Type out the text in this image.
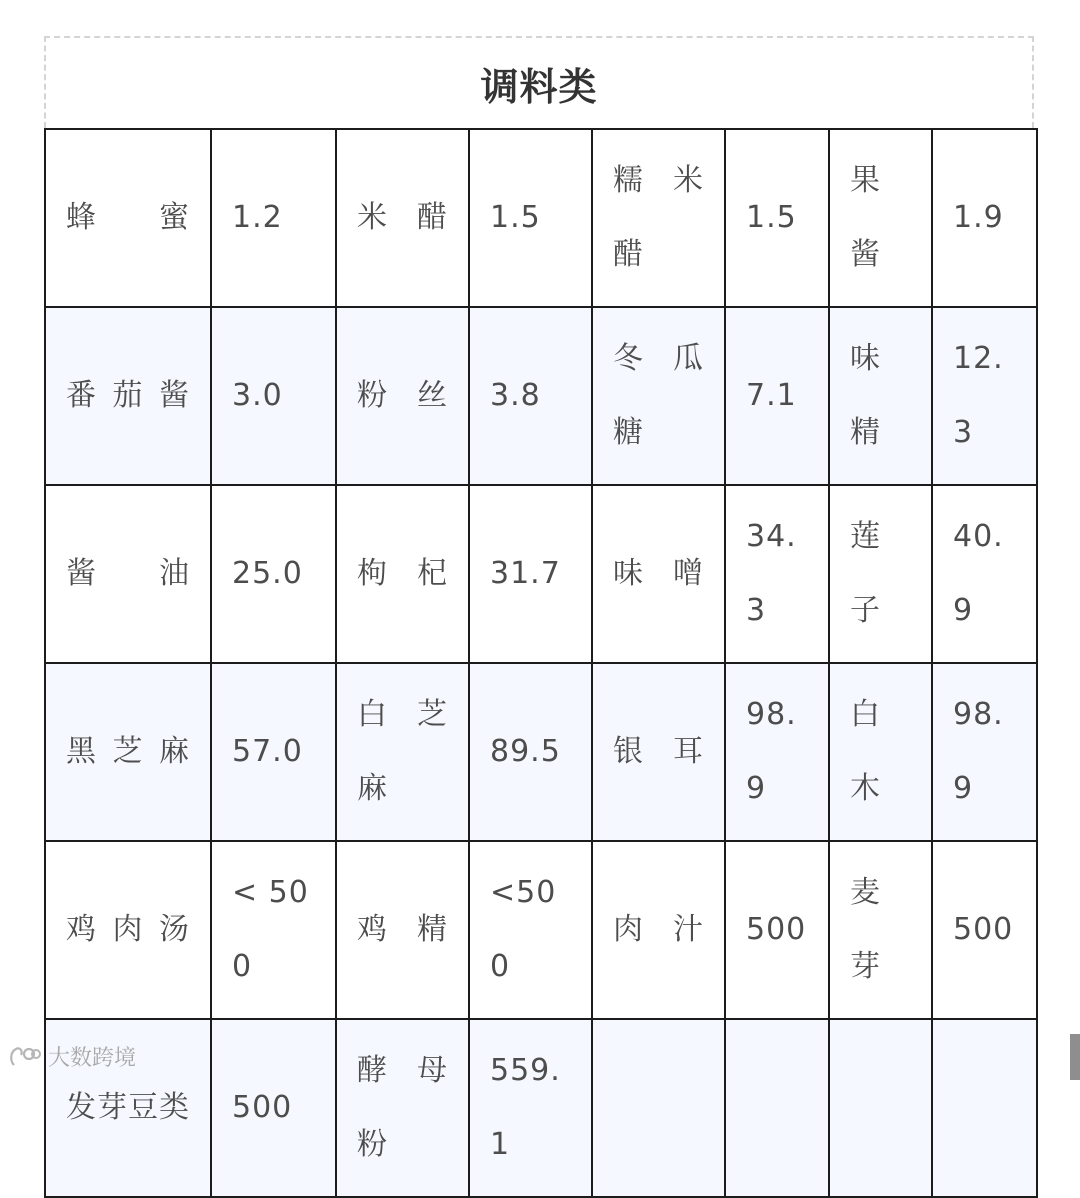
调料类
蜂蜜	1.2	米醋	1.5	糯米醋	1.5	果酱	1.9
番茄酱	3.0	粉丝	3.8	冬瓜糖	7.1	味精	12.3
酱油	25.0	枸杞	31.7	味噌	34.3	莲子	40.9
黑芝麻	57.0	白芝麻	89.5	银耳	98.9	白木	98.9
鸡肉汤	< 500	鸡精	<500	肉汁	500	麦芽	500
发芽豆类	500	酵母粉	559.1				
大数跨境
